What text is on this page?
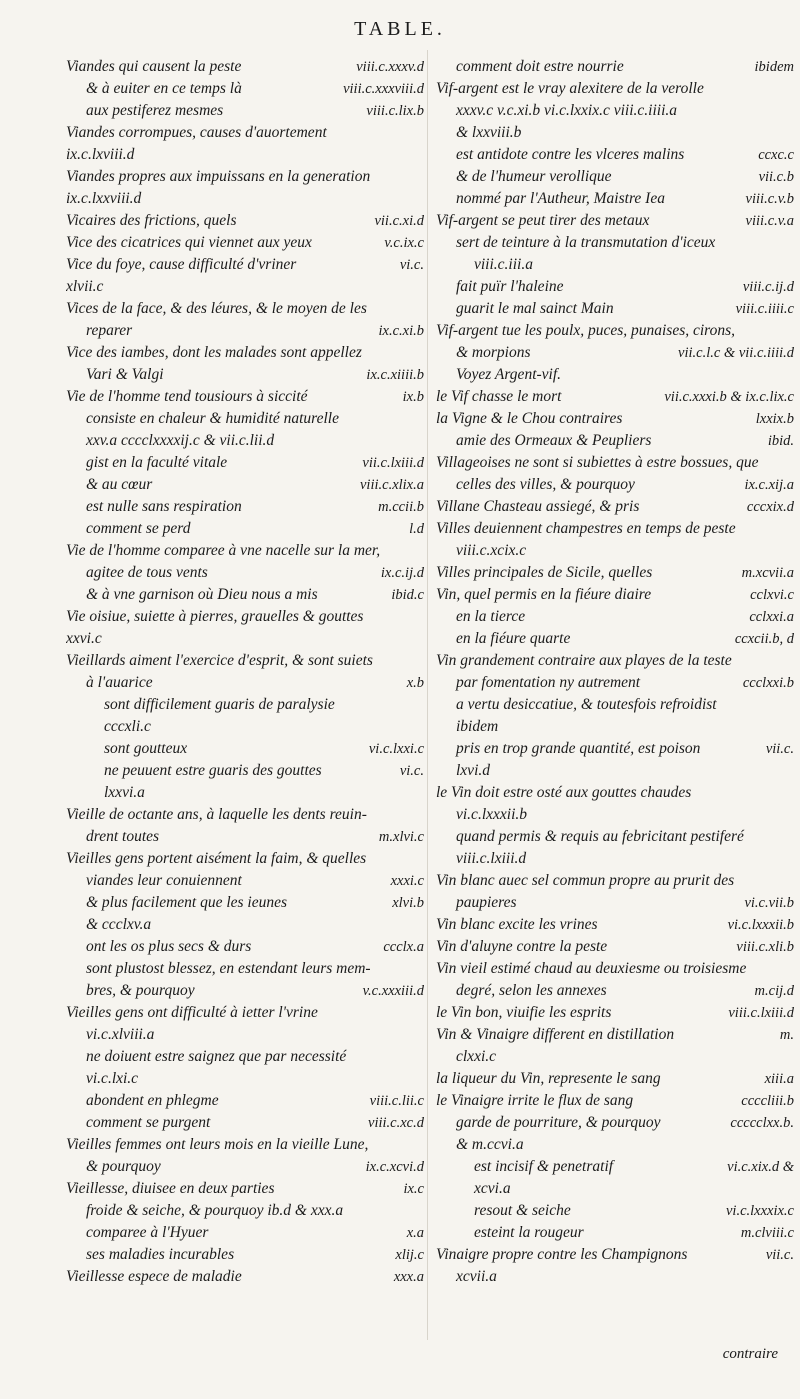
TABLE.
Viandes qui causent la peste	viii.c.xxxv.d
& à euiter en ce temps là	viii.c.xxxviii.d
aux pestiferez mesmes	viii.c.lix.b
Viandes corrompues, causes d'auortement
ix.c.lxviii.d
Viandes propres aux impuissans en la generation
ix.c.lxxviii.d
Vicaires des frictions, quels	vii.c.xi.d
Vice des cicatrices qui viennet aux yeux	v.c.ix.c
Vice du foye, cause difficulté d'vriner	vi.c.
xlvii.c
Vices de la face, & des léures, & le moyen de les
reparer	ix.c.xi.b
Vice des iambes, dont les malades sont appellez
Vari & Valgi	ix.c.xiiii.b
Vie de l'homme tend tousiours à siccité	ix.b
consiste en chaleur & humidité naturelle
xxv.a cccclxxxxij.c & vii.c.lii.d
gist en la faculté vitale	vii.c.lxiii.d
& au cœur	viii.c.xlix.a
est nulle sans respiration	m.ccii.b
comment se perd	l.d
Vie de l'homme comparee à vne nacelle sur la mer,
agitee de tous vents	ix.c.ij.d
& à vne garnison où Dieu nous a mis	ibid.c
Vie oisiue, suiette à pierres, grauelles & gouttes
xxvi.c
Vieillards aiment l'exercice d'esprit, & sont suiets
à l'auarice	x.b
sont difficilement guaris de paralysie
cccxli.c
sont goutteux	vi.c.lxxi.c
ne peuuent estre guaris des gouttes	vi.c.
lxxvi.a
Vieille de octante ans, à laquelle les dents reuin-
drent toutes	m.xlvi.c
Vieilles gens portent aisément la faim, & quelles
viandes leur conuiennent	xxxi.c
& plus facilement que les ieunes	xlvi.b
& ccclxv.a
ont les os plus secs & durs	ccclx.a
sont plustost blessez, en estendant leurs mem-
bres, & pourquoy	v.c.xxxiii.d
Vieilles gens ont difficulté à ietter l'vrine
vi.c.xlviii.a
ne doiuent estre saignez que par necessité
vi.c.lxi.c
abondent en phlegme	viii.c.lii.c
comment se purgent	viii.c.xc.d
Vieilles femmes ont leurs mois en la vieille Lune,
& pourquoy	ix.c.xcvi.d
Vieillesse, diuisee en deux parties	ix.c
froide & seiche, & pourquoy ib.d & xxx.a
comparee à l'Hyuer	x.a
ses maladies incurables	xlij.c
Vieillesse espece de maladie	xxx.a
comment doit estre nourrie	ibidem
Vif-argent est le vray alexitere de la verolle
xxxv.c v.c.xi.b vi.c.lxxix.c viii.c.iiii.a
& lxxviii.b
est antidote contre les vlceres malins	ccxc.c
& de l'humeur verollique	vii.c.b
nommé par l'Autheur, Maistre Iea	viii.c.v.b
Vif-argent se peut tirer des metaux	viii.c.v.a
sert de teinture à la transmutation d'iceux
viii.c.iii.a
fait puïr l'haleine	viii.c.ij.d
guarit le mal sainct Main	viii.c.iiii.c
Vif-argent tue les poulx, puces, punaises, cirons,
& morpions	vii.c.l.c & vii.c.iiii.d
Voyez Argent-vif.
le Vif chasse le mort	vii.c.xxxi.b & ix.c.lix.c
la Vigne & le Chou contraires	lxxix.b
amie des Ormeaux & Peupliers	ibid.
Villageoises ne sont si subiettes à estre bossues, que
celles des villes, & pourquoy	ix.c.xij.a
Villane Chasteau assiegé, & pris	cccxix.d
Villes deuiennent champestres en temps de peste
viii.c.xcix.c
Villes principales de Sicile, quelles	m.xcvii.a
Vin, quel permis en la fiéure diaire	cclxvi.c
en la tierce	cclxxi.a
en la fiéure quarte	ccxcii.b, d
Vin grandement contraire aux playes de la teste
par fomentation ny autrement	ccclxxi.b
a vertu desiccatiue, & toutesfois refroidist
ibidem
pris en trop grande quantité, est poison	vii.c.
lxvi.d
le Vin doit estre osté aux gouttes chaudes
vi.c.lxxxii.b
quand permis & requis au febricitant pestiferé
viii.c.lxiii.d
Vin blanc auec sel commun propre au prurit des
paupieres	vi.c.vii.b
Vin blanc excite les vrines	vi.c.lxxxii.b
Vin d'aluyne contre la peste	viii.c.xli.b
Vin vieil estimé chaud au deuxiesme ou troisiesme
degré, selon les annexes	m.cij.d
le Vin bon, viuifie les esprits	viii.c.lxiii.d
Vin & Vinaigre different en distillation	m.
clxxi.c
la liqueur du Vin, represente le sang	xiii.a
le Vinaigre irrite le flux de sang	ccccliii.b
garde de pourriture, & pourquoy	ccccclxx.b.
& m.ccvi.a
est incisif & penetratif	vi.c.xix.d &
xcvi.a
resout & seiche	vi.c.lxxxix.c
esteint la rougeur	m.clviii.c
Vinaigre propre contre les Champignons	vii.c.
xcvii.a
contraire
